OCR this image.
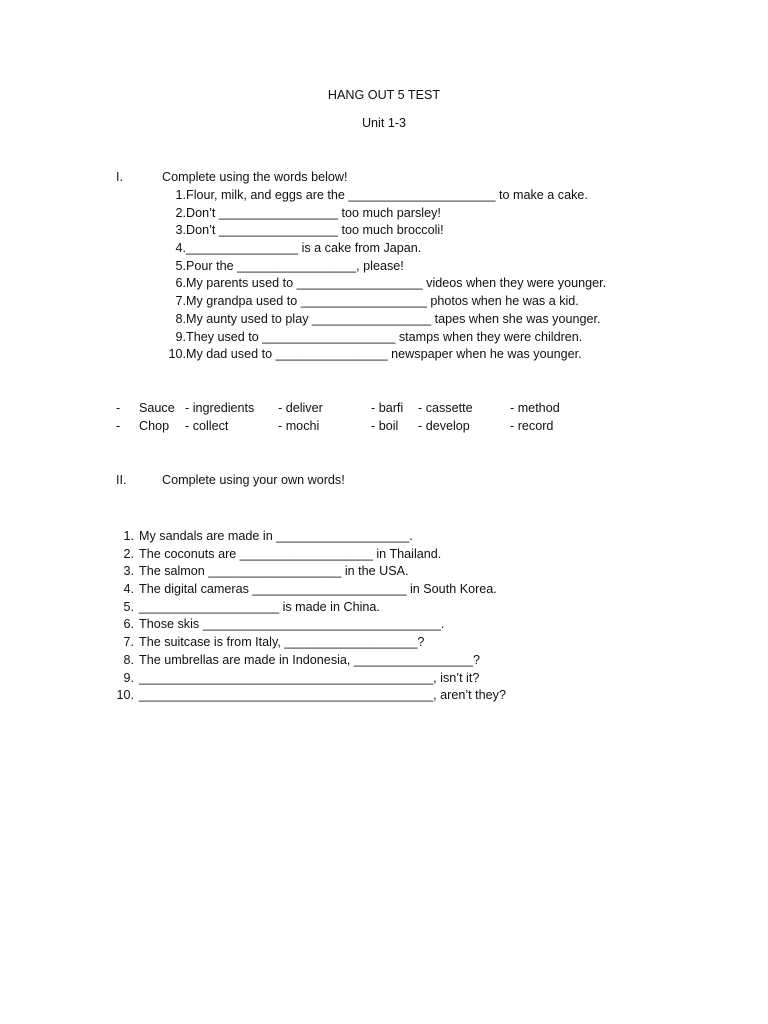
HANG OUT 5 TEST
Unit 1-3
I.	Complete using the words below!
1. Flour, milk, and eggs are the _____________________ to make a cake.
2. Don’t _________________ too much parsley!
3. Don’t _________________ too much broccoli!
4. ________________ is a cake from Japan.
5. Pour the _________________, please!
6. My parents used to __________________ videos when they were younger.
7. My grandpa used to __________________ photos when he was a kid.
8. My aunty used to play _________________ tapes when she was younger.
9. They used to ___________________ stamps when they were children.
10. My dad used to ________________ newspaper when he was younger.
- Sauce - ingredients - deliver	- barfi - cassette	- method
- Chop - collect	- mochi	- boil - develop	- record
II.	Complete using your own words!
1. My sandals are made in ___________________.
2. The coconuts are ___________________ in Thailand.
3. The salmon ___________________ in the USA.
4. The digital cameras ______________________ in South Korea.
5. ____________________ is made in China.
6. Those skis __________________________________.
7. The suitcase is from Italy, ___________________?
8. The umbrellas are made in Indonesia, _________________?
9. __________________________________________, isn’t it?
10. __________________________________________, aren’t they?
